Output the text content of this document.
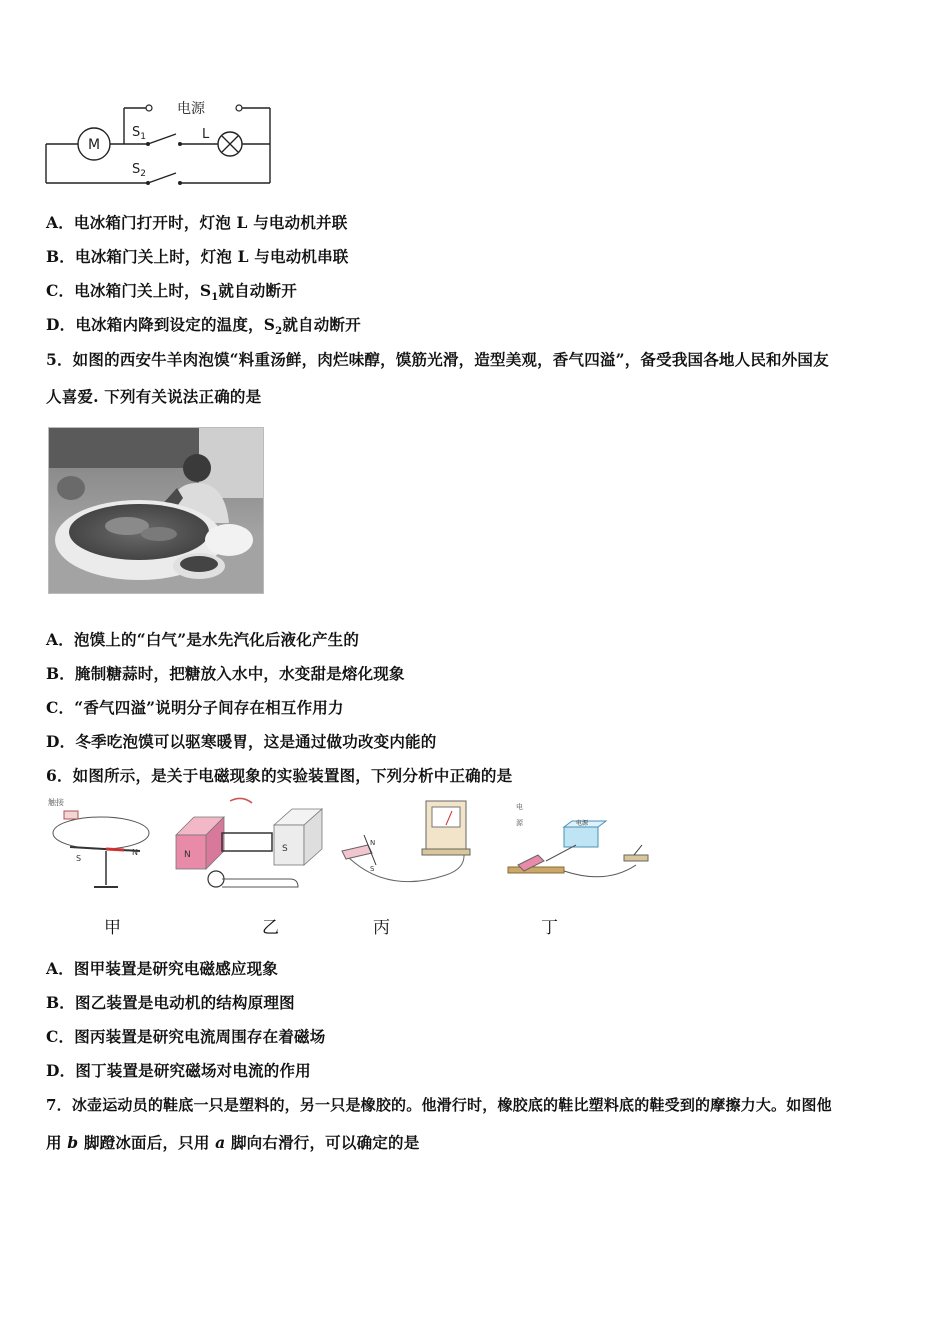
M
电源
L
$S_1$
$S_2$
A．电冰箱门打开时，灯泡 L 与电动机并联
B．电冰箱门关上时，灯泡 L 与电动机串联
C．电冰箱门关上时，$S_1$就自动断开
D．电冰箱内降到设定的温度，$S_2$就自动断开
5．如图的西安牛羊肉泡馍“料重汤鲜，肉烂味醇，馍筋光滑，造型美观，香气四溢”，备受我国各地人民和外国友
人喜爱. 下列有关说法正确的是
A．泡馍上的“白气”是水先汽化后液化产生的
B．腌制糖蒜时，把糖放入水中，水变甜是熔化现象
C．“香气四溢”说明分子间存在相互作用力
D．冬季吃泡馍可以驱寒暖胃，这是通过做功改变内能的
6．如图所示，是关于电磁现象的实验装置图，下列分析中正确的是
触接
S
N	N
S
N
S
电
源	电源
甲	乙	丙	丁
A．图甲装置是研究电磁感应现象
B．图乙装置是电动机的结构原理图
C．图丙装置是研究电流周围存在着磁场
D．图丁装置是研究磁场对电流的作用
7．冰壶运动员的鞋底一只是塑料的，另一只是橡胶的。他滑行时，橡胶底的鞋比塑料底的鞋受到的摩擦力大。如图他
用 b 脚蹬冰面后，只用 a 脚向右滑行，可以确定的是
